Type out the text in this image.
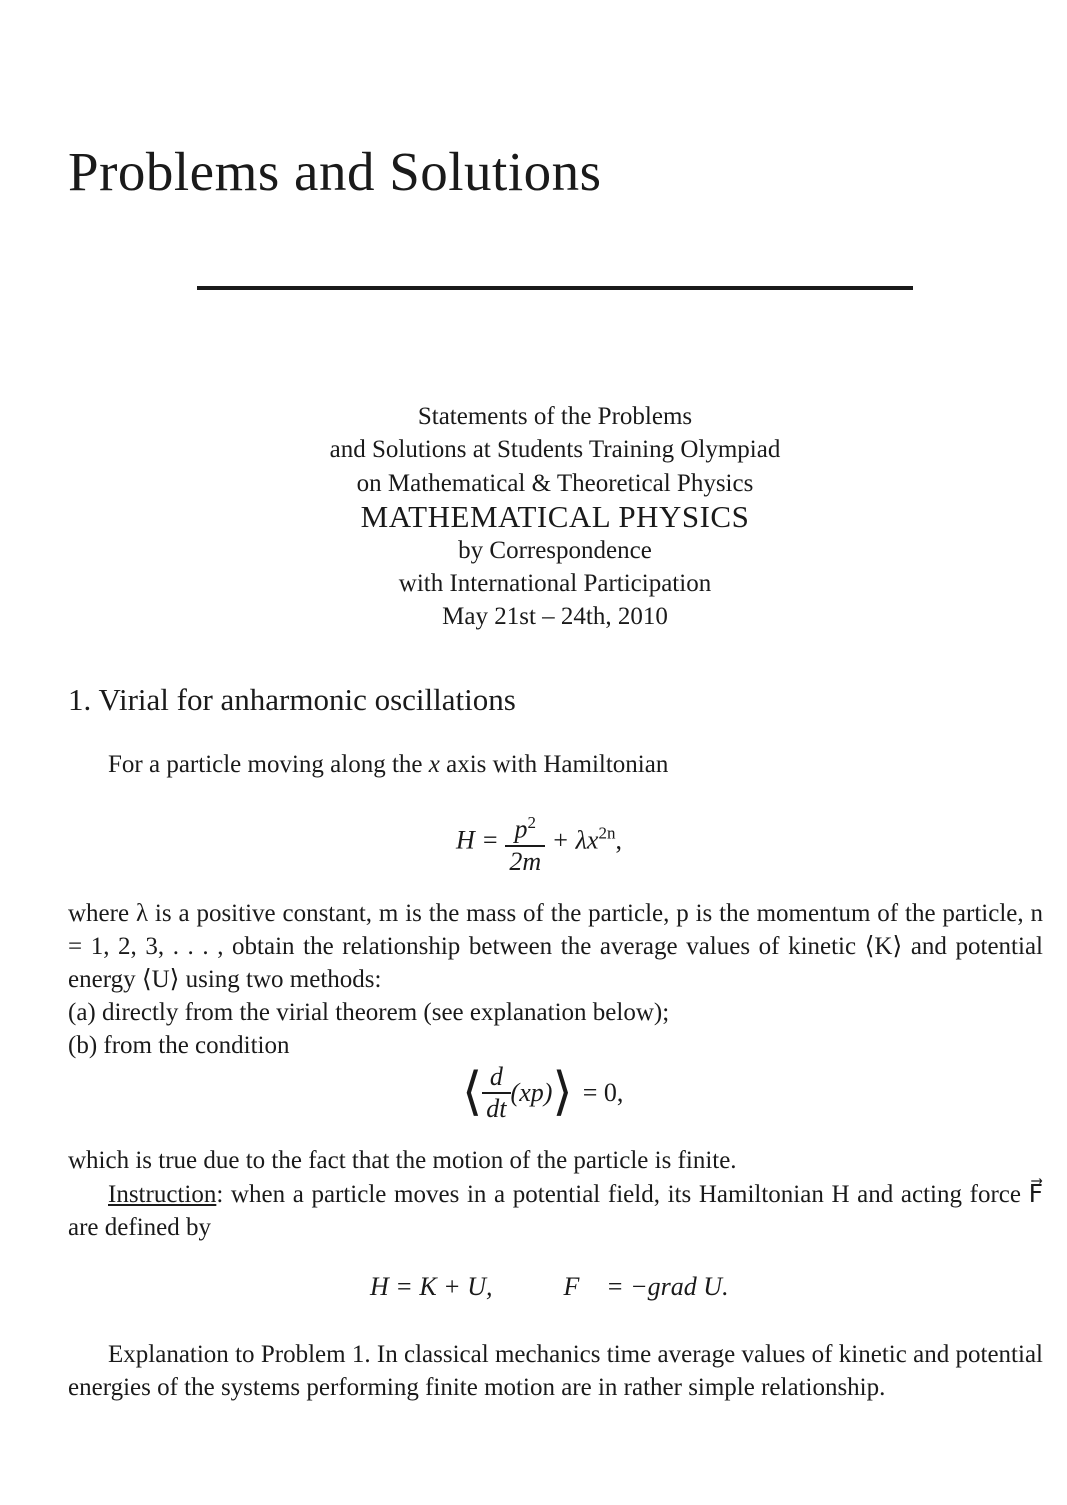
Problems and Solutions
Statements of the Problems
and Solutions at Students Training Olympiad
on Mathematical & Theoretical Physics
MATHEMATICAL PHYSICS
by Correspondence
with International Participation
May 21st – 24th, 2010
1. Virial for anharmonic oscillations
For a particle moving along the x axis with Hamiltonian
$H = \frac{p^2}{2m} + \lambda x^{2n}$,
where λ is a positive constant, m is the mass of the particle, p is the momentum of the particle, n = 1, 2, 3, . . . , obtain the relationship between the average values of kinetic ⟨K⟩ and potential energy ⟨U⟩ using two methods:
(a) directly from the virial theorem (see explanation below);
(b) from the condition
⟨ $\frac{d}{dt} (xp)$ ⟩ = 0,
which is true due to the fact that the motion of the particle is finite.
Instruction: when a particle moves in a potential field, its Hamiltonian H and acting force F⃗ are defined by
H = K + U,	F⃗ = −grad U.
Explanation to Problem 1. In classical mechanics time average values of kinetic and potential energies of the systems performing finite motion are in rather simple relationship.
